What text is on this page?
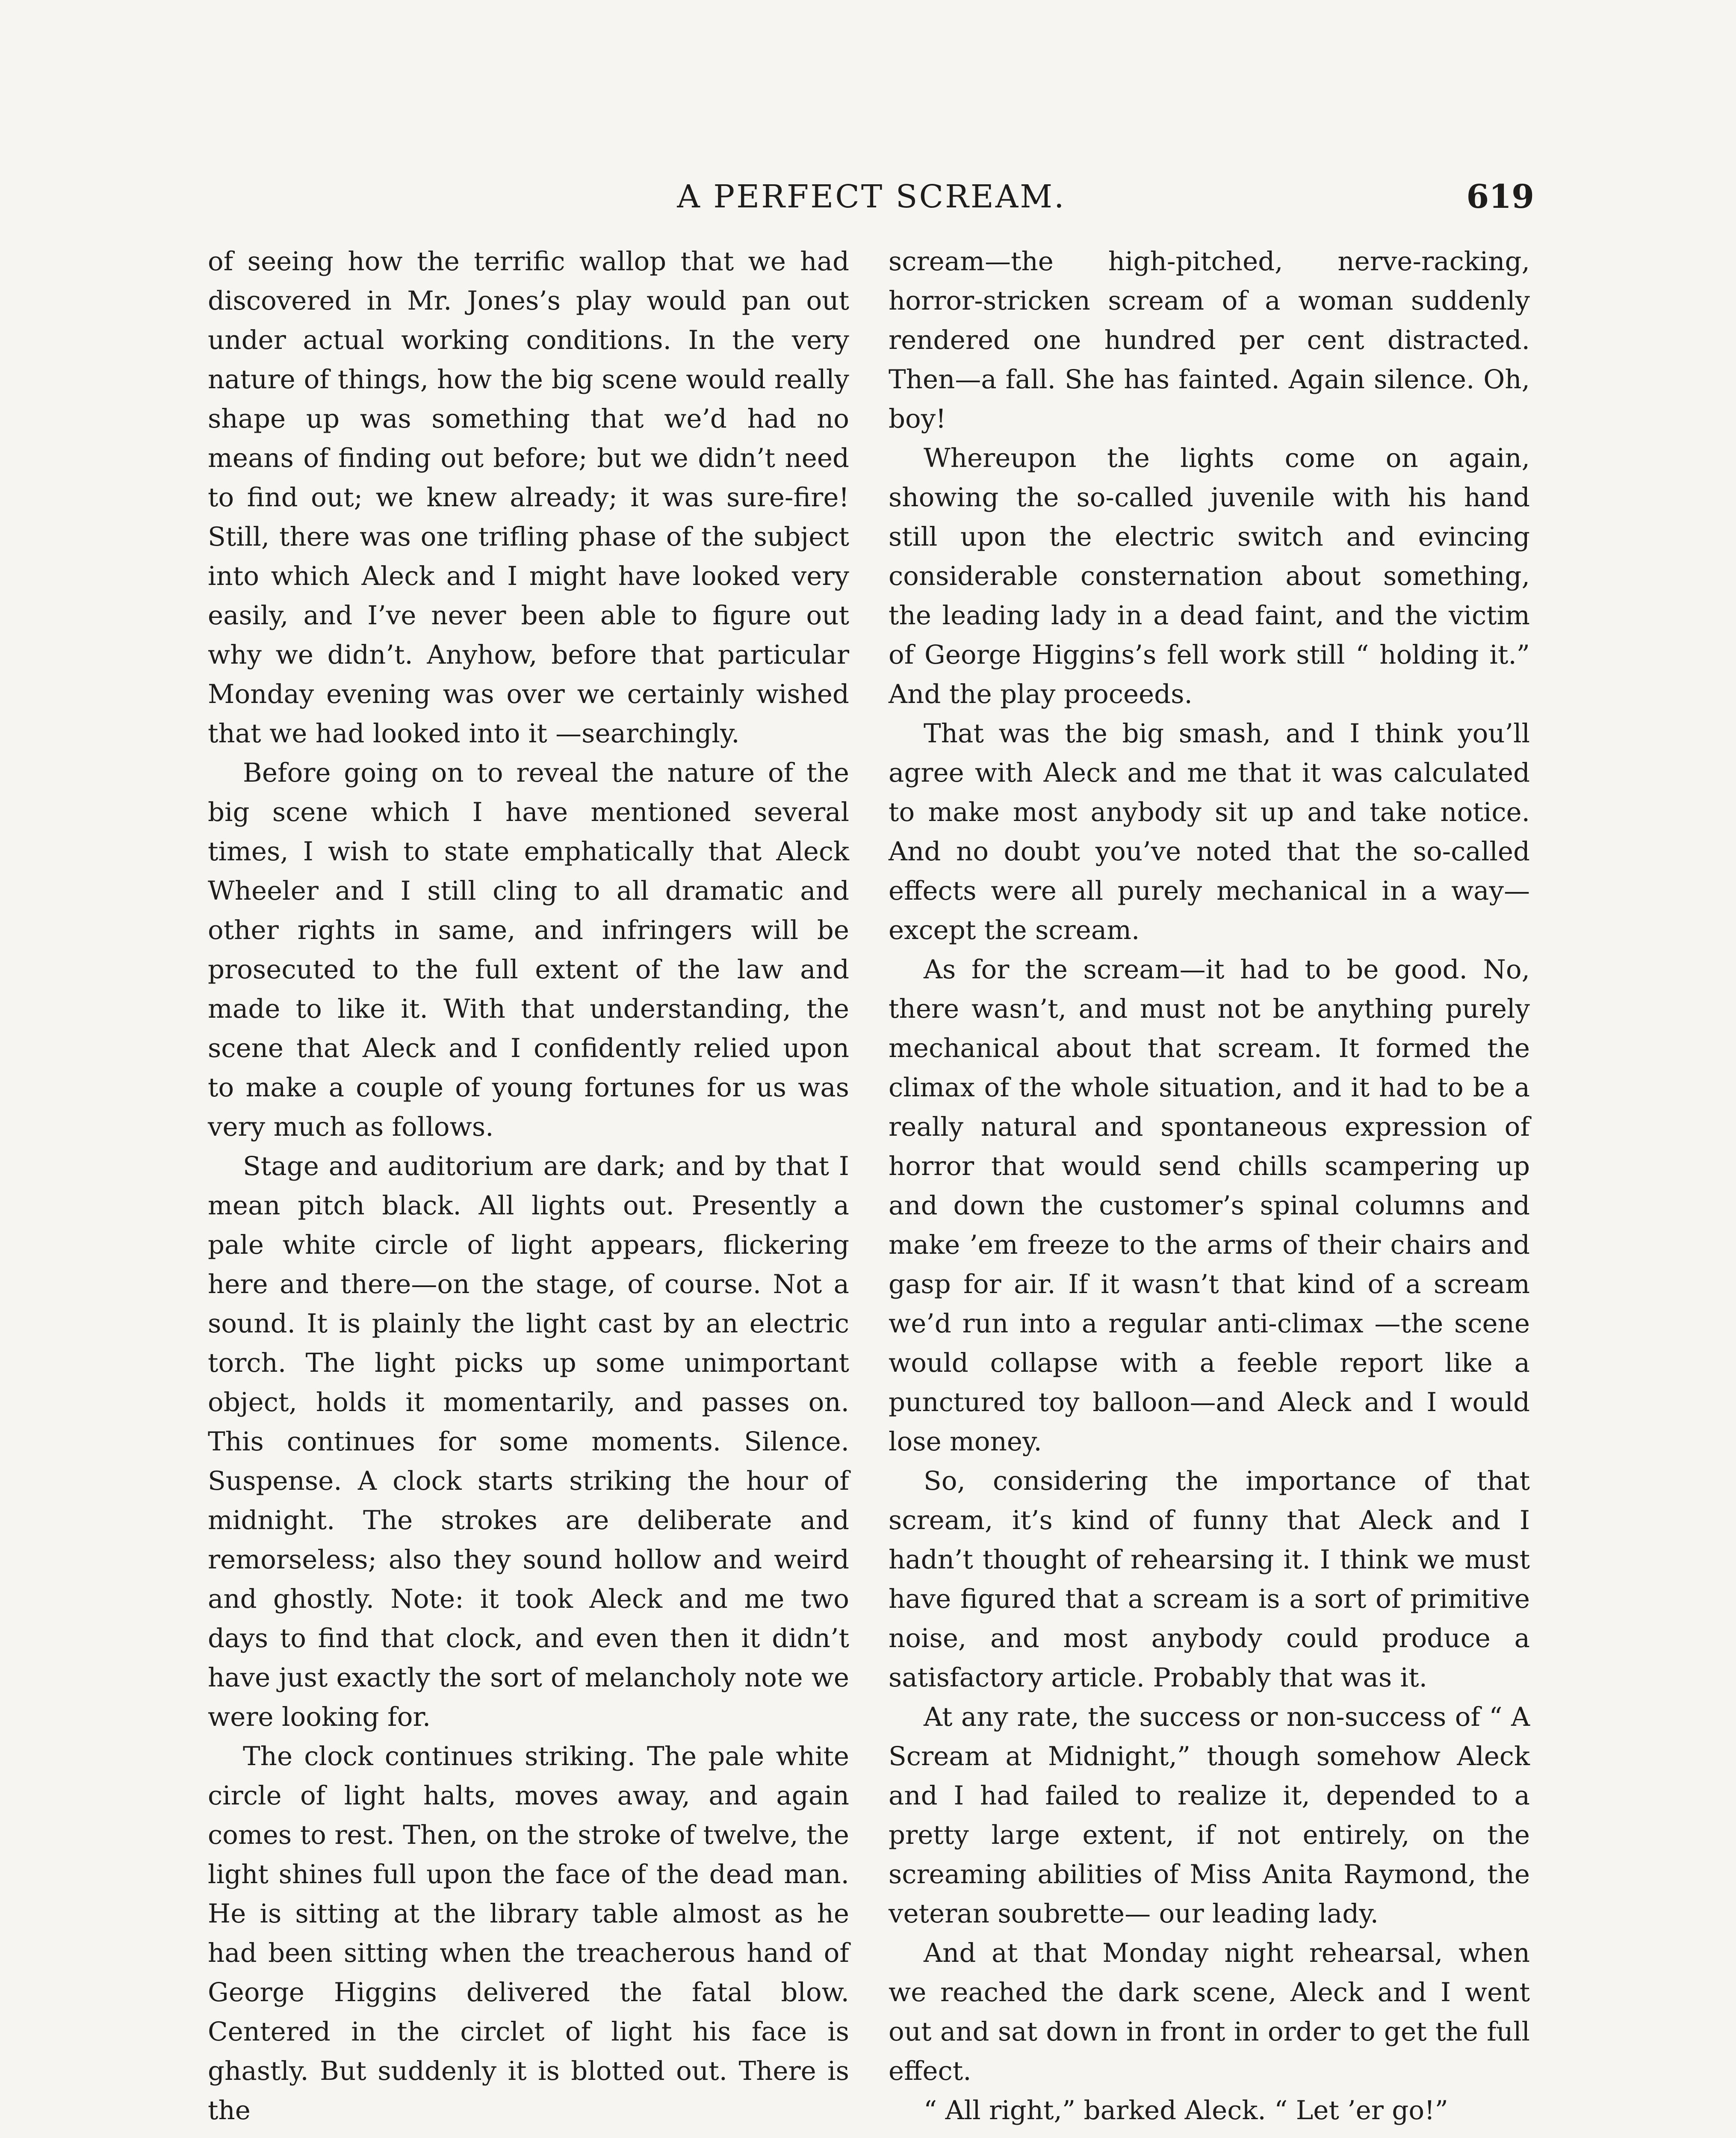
A PERFECT SCREAM.	619

of seeing how the terrific wallop that we had discovered in Mr. Jones’s play would pan out under actual working conditions. In the very nature of things, how the big scene would really shape up was something that we’d had no means of finding out before; but we didn’t need to find out; we knew already; it was sure-fire! Still, there was one trifling phase of the subject into which Aleck and I might have looked very easily, and I’ve never been able to figure out why we didn’t. Anyhow, before that particular Monday evening was over we certainly wished that we had looked into it —searchingly.

Before going on to reveal the nature of the big scene which I have mentioned several times, I wish to state emphatically that Aleck Wheeler and I still cling to all dramatic and other rights in same, and infringers will be prosecuted to the full extent of the law and made to like it. With that understanding, the scene that Aleck and I confidently relied upon to make a couple of young fortunes for us was very much as follows.

Stage and auditorium are dark; and by that I mean pitch black. All lights out. Presently a pale white circle of light appears, flickering here and there—on the stage, of course. Not a sound. It is plainly the light cast by an electric torch. The light picks up some unimportant object, holds it momentarily, and passes on. This continues for some moments. Silence. Suspense. A clock starts striking the hour of midnight. The strokes are deliberate and remorseless; also they sound hollow and weird and ghostly. Note: it took Aleck and me two days to find that clock, and even then it didn’t have just exactly the sort of melancholy note we were looking for.

The clock continues striking. The pale white circle of light halts, moves away, and again comes to rest. Then, on the stroke of twelve, the light shines full upon the face of the dead man. He is sitting at the library table almost as he had been sitting when the treacherous hand of George Higgins delivered the fatal blow. Centered in the circlet of light his face is ghastly. But suddenly it is blotted out. There is the

scream—the high-pitched, nerve-racking, horror-stricken scream of a woman suddenly rendered one hundred per cent distracted. Then—a fall. She has fainted. Again silence. Oh, boy!

Whereupon the lights come on again, showing the so-called juvenile with his hand still upon the electric switch and evincing considerable consternation about something, the leading lady in a dead faint, and the victim of George Higgins’s fell work still “ holding it.” And the play proceeds.

That was the big smash, and I think you’ll agree with Aleck and me that it was calculated to make most anybody sit up and take notice. And no doubt you’ve noted that the so-called effects were all purely mechanical in a way—except the scream.

As for the scream—it had to be good. No, there wasn’t, and must not be anything purely mechanical about that scream. It formed the climax of the whole situation, and it had to be a really natural and spontaneous expression of horror that would send chills scampering up and down the customer’s spinal columns and make ’em freeze to the arms of their chairs and gasp for air. If it wasn’t that kind of a scream we’d run into a regular anti-climax —the scene would collapse with a feeble report like a punctured toy balloon—and Aleck and I would lose money.

So, considering the importance of that scream, it’s kind of funny that Aleck and I hadn’t thought of rehearsing it. I think we must have figured that a scream is a sort of primitive noise, and most anybody could produce a satisfactory article. Probably that was it.

At any rate, the success or non-success of “ A Scream at Midnight,” though somehow Aleck and I had failed to realize it, depended to a pretty large extent, if not entirely, on the screaming abilities of Miss Anita Raymond, the veteran soubrette— our leading lady.

And at that Monday night rehearsal, when we reached the dark scene, Aleck and I went out and sat down in front in order to get the full effect.

“ All right,” barked Aleck. “ Let ’er go!”
